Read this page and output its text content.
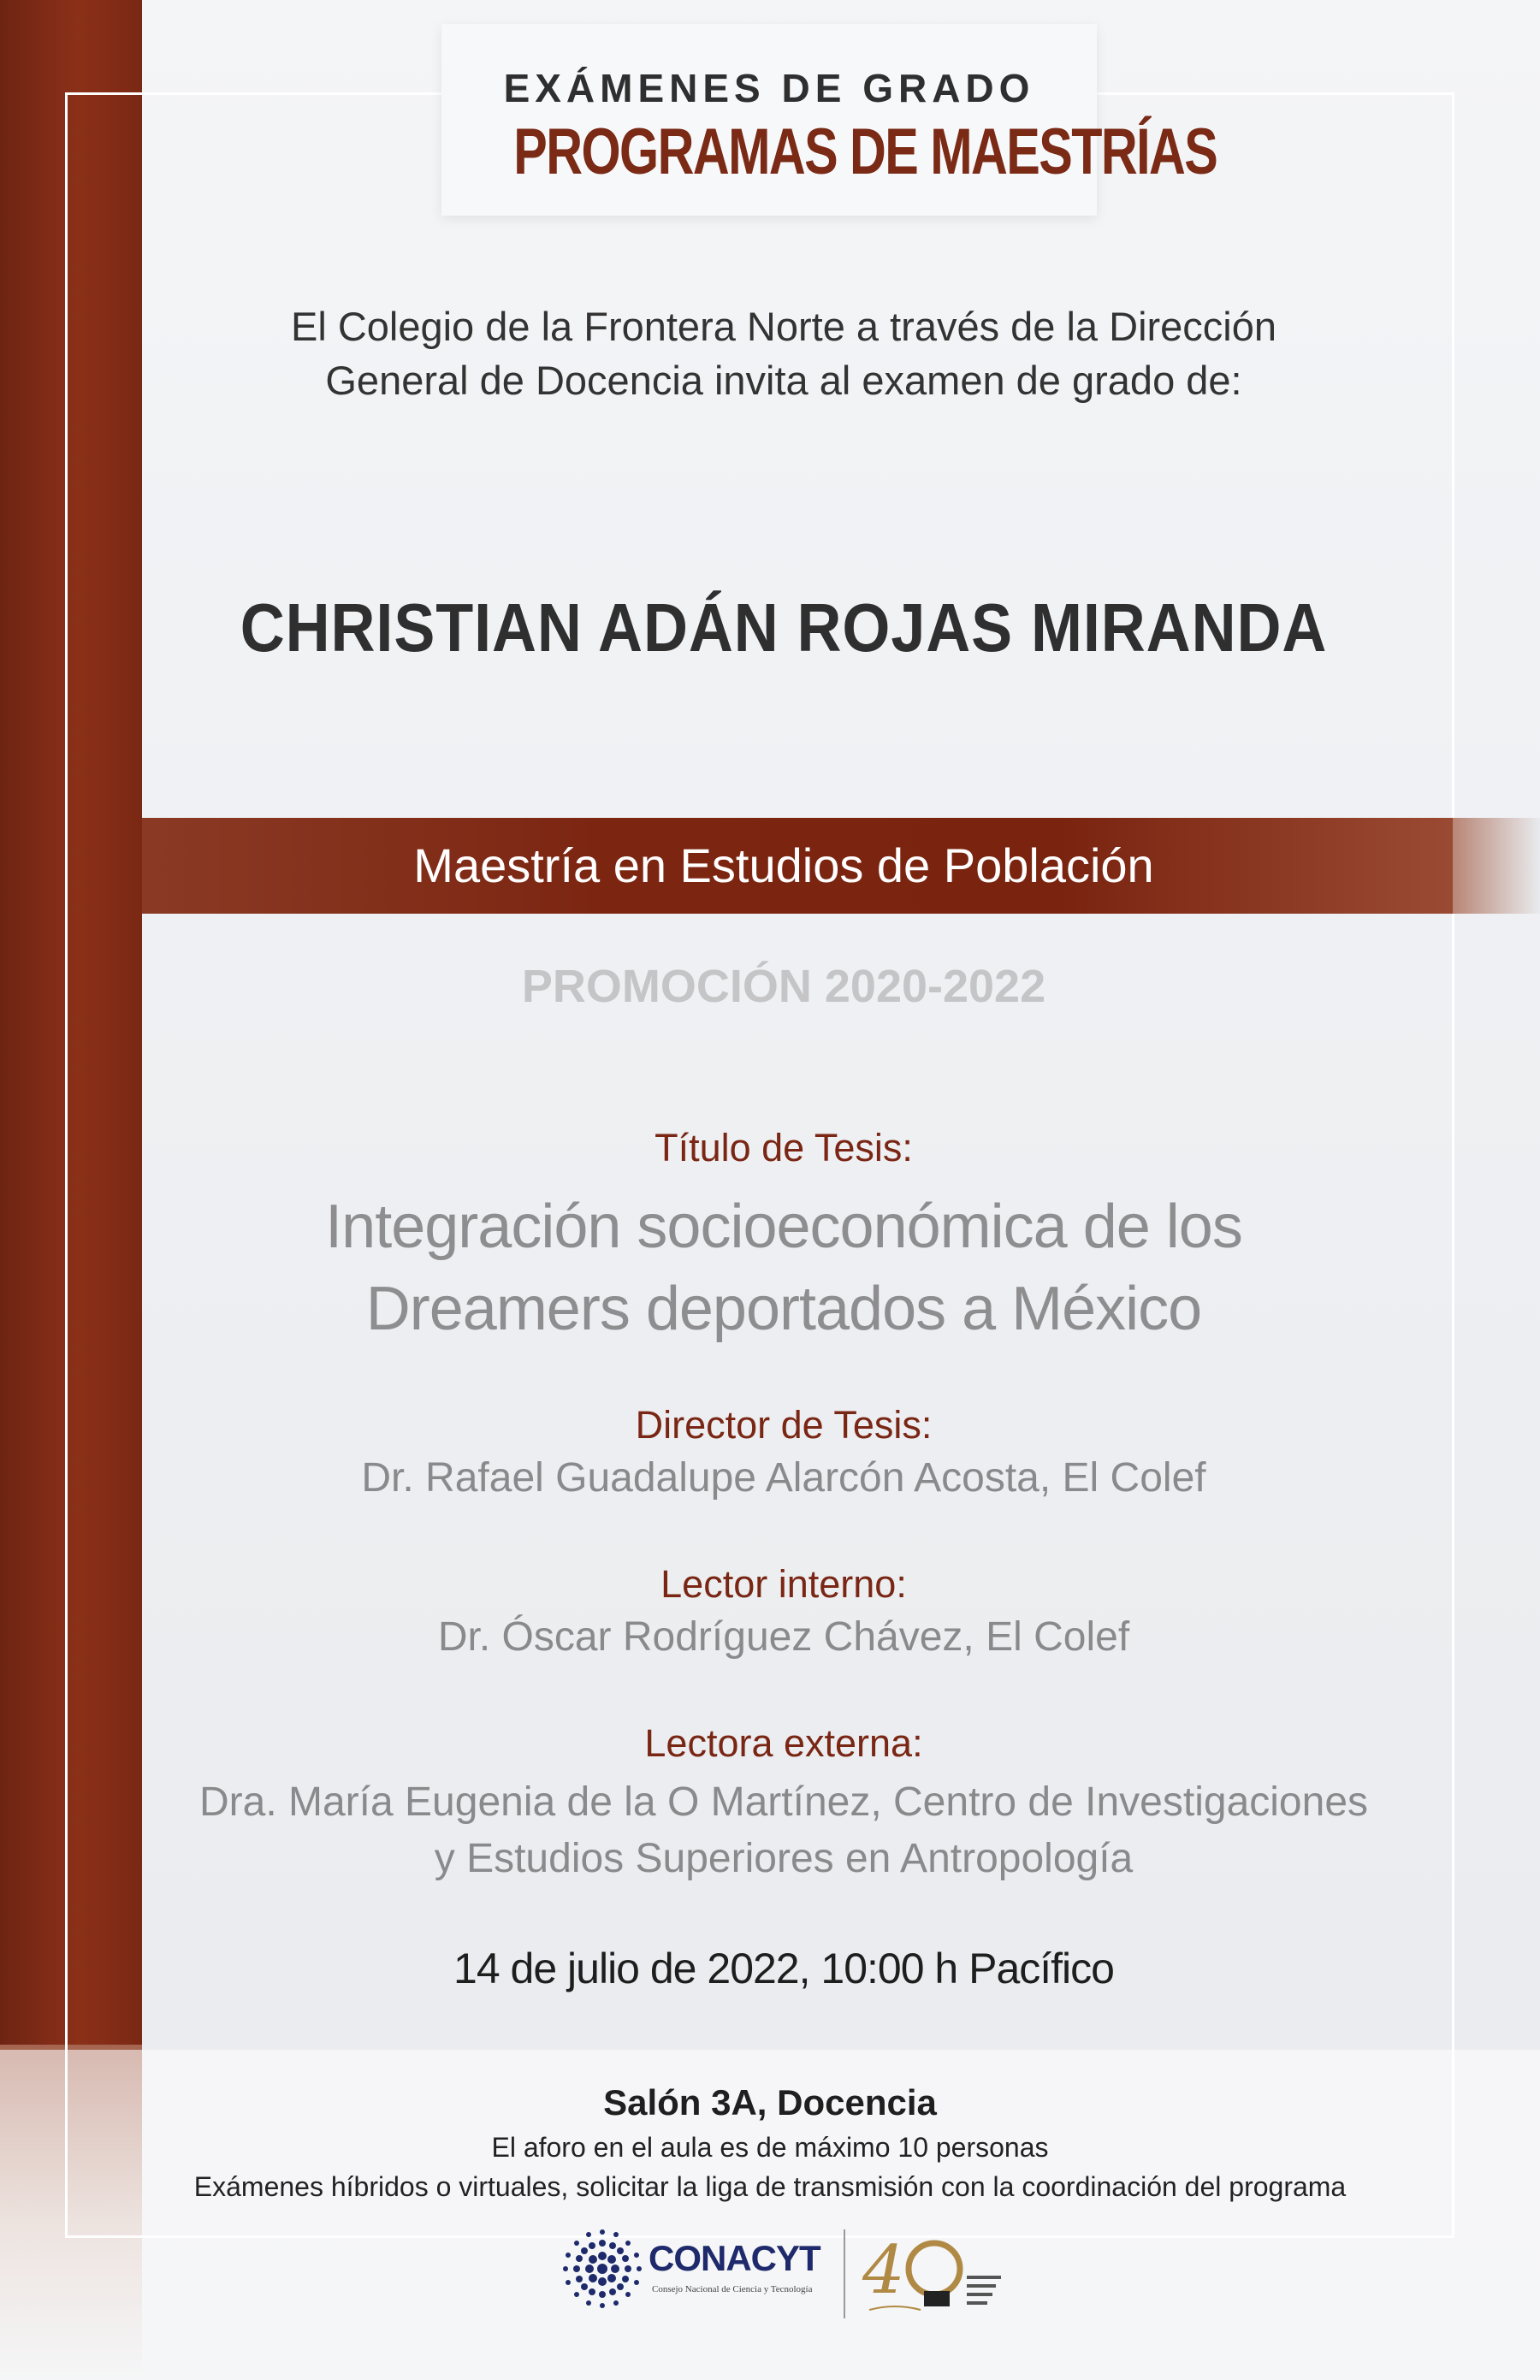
EXÁMENES DE GRADO
PROGRAMAS DE MAESTRÍAS
El Colegio de la Frontera Norte a través de la Dirección
General de Docencia invita al examen de grado de:
CHRISTIAN ADÁN ROJAS MIRANDA
Maestría en Estudios de Población
PROMOCIÓN 2020-2022
Título de Tesis:
Integración socioeconómica de los
Dreamers deportados a México
Director de Tesis:
Dr. Rafael Guadalupe Alarcón Acosta, El Colef
Lector interno:
Dr. Óscar Rodríguez Chávez, El Colef
Lectora externa:
Dra. María Eugenia de la O Martínez, Centro de Investigaciones
y Estudios Superiores en Antropología
14 de julio de 2022, 10:00 h Pacífico
Salón 3A, Docencia
El aforo en el aula es de máximo 10 personas
Exámenes híbridos o virtuales, solicitar la liga de transmisión con la coordinación del programa
CONACYT
Consejo Nacional de Ciencia y Tecnología 4
